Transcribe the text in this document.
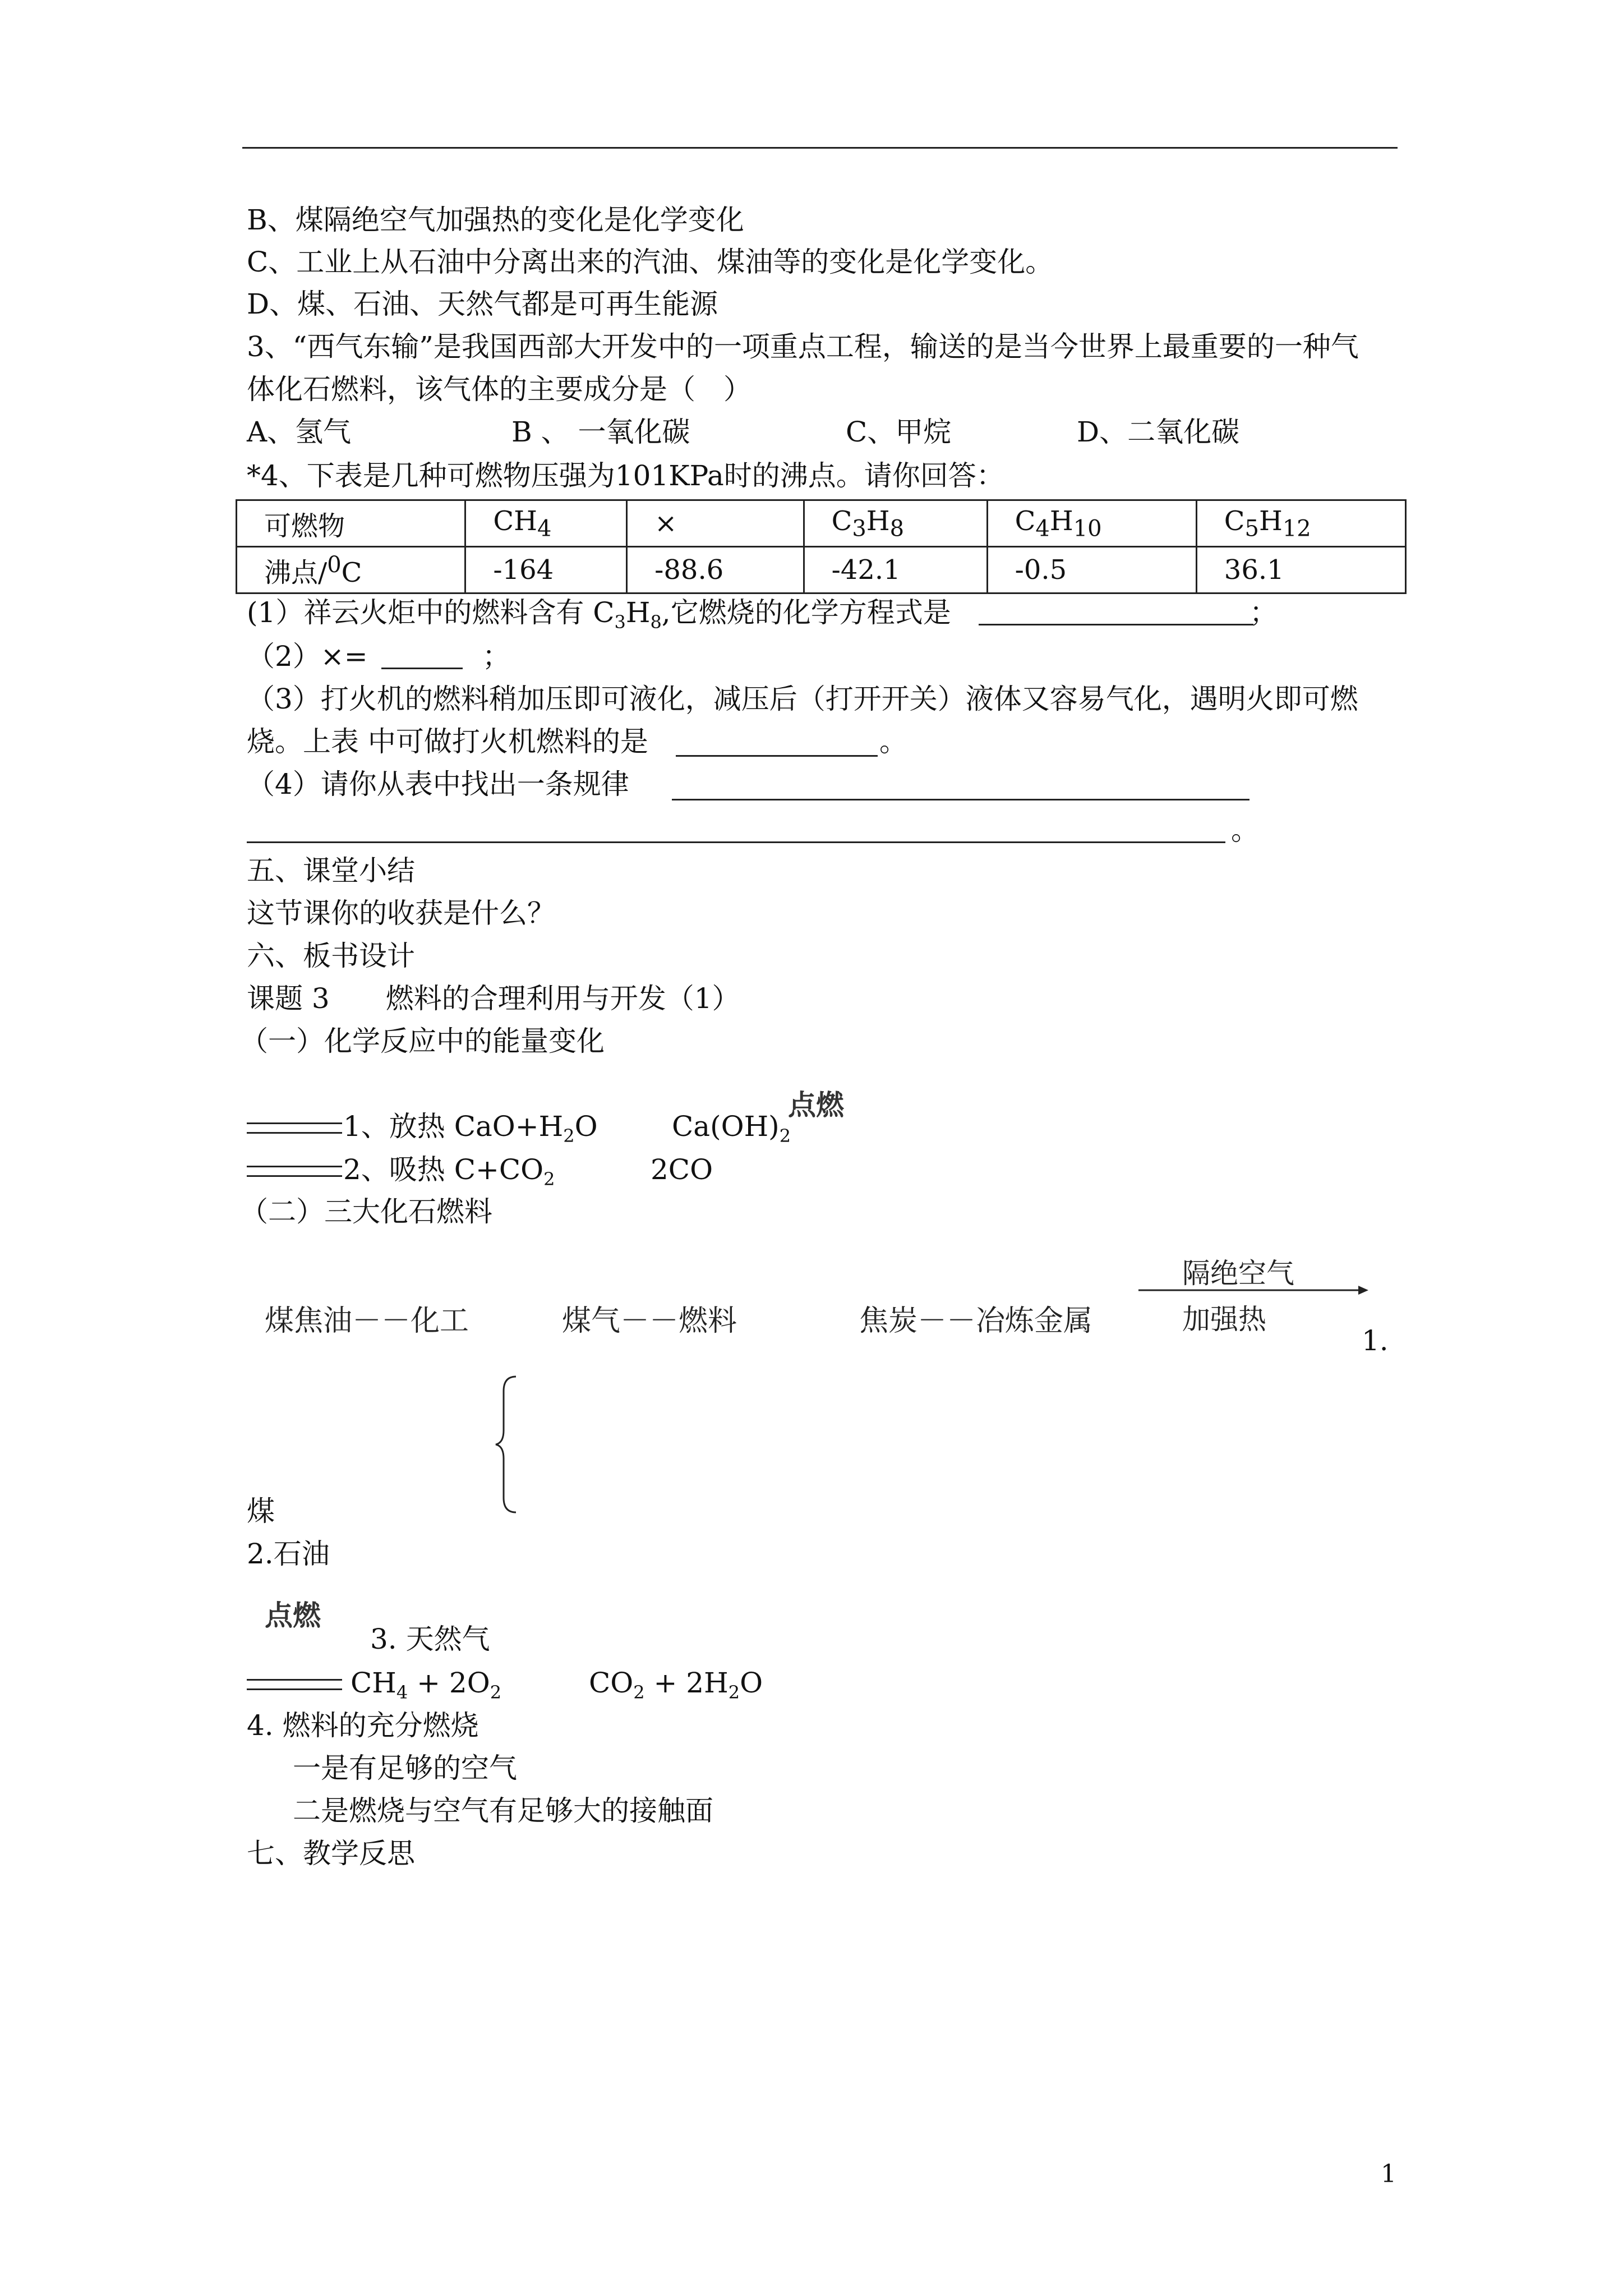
B、煤隔绝空气加强热的变化是化学变化
C、工业上从石油中分离出来的汽油、煤油等的变化是化学变化。
D、煤、石油、天然气都是可再生能源
3、“西气东输”是我国西部大开发中的一项重点工程，输送的是当今世界上最重要的一种气
体化石燃料，该气体的主要成分是（　）
A、氢气	B 、 一氧化碳	C、甲烷	D、二氧化碳
*4、下表是几种可燃物压强为101KPa时的沸点。请你回答：
可燃物	$CH_4$	×	$C_3H_8$	$C_4H_{10}$	$C_5H_{12}$
沸点/$^0$C	-164	-88.6	-42.1	-0.5	36.1
(1）祥云火炬中的燃料含有 $C_3H_8$,它燃烧的化学方程式是	；
（2）×=	；
（3）打火机的燃料稍加压即可液化，减压后（打开开关）液体又容易气化，遇明火即可燃
烧。上表 中可做打火机燃料的是	。
（4）请你从表中找出一条规律
。
五、课堂小结
这节课你的收获是什么？
六、板书设计
课题 3　　燃料的合理利用与开发（1）
（一）化学反应中的能量变化
点燃
1、放热 $CaO+H_2O$	$Ca(OH)_2$
2、吸热 $C+CO_2$	2CO
（二）三大化石燃料
隔绝空气
加强热
煤焦油－－化工	煤气－－燃料	焦炭－－冶炼金属
1.
煤
2.石油
点燃
3. 天然气
$CH_4 + 2O_2$	$CO_2 + 2H_2O$
4. 燃料的充分燃烧
一是有足够的空气
二是燃烧与空气有足够大的接触面
七、教学反思
1
